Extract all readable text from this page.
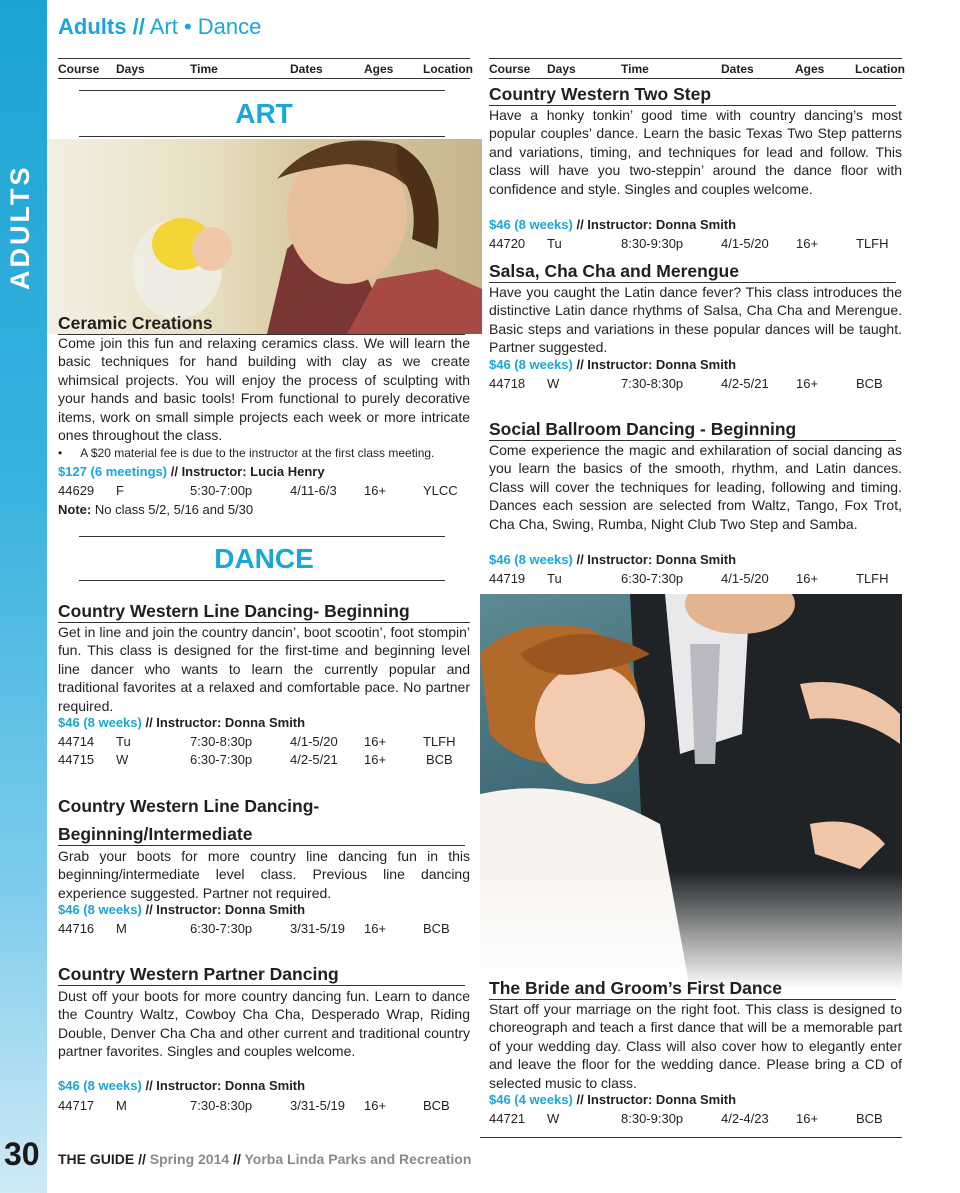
ADULTS
30
Adults // Art • Dance
Course	Days	Time	Dates	Ages	Location Course	Days	Time	Dates	Ages	Location
ART
Ceramic Creations
Come join this fun and relaxing ceramics class. We will learn the basic techniques for hand building with clay as we create whimsical projects. You will enjoy the process of sculpting with your hands and basic tools! From functional to purely decorative items, work on small simple projects each week or more intricate ones throughout the class.
• A $20 material fee is due to the instructor at the first class meeting.
$127 (6 meetings) // Instructor: Lucia Henry
44629	F	5:30-7:00p	4/11-6/3	16+	YLCC
Note: No class 5/2, 5/16 and 5/30
DANCE
Country Western Line Dancing- Beginning
Get in line and join the country dancin’, boot scootin’, foot stompin’ fun. This class is designed for the first-time and beginning level line dancer who wants to learn the currently popular and traditional favorites at a relaxed and comfortable pace. No partner required.
$46 (8 weeks) // Instructor: Donna Smith
44714	Tu	7:30-8:30p	4/1-5/20	16+	TLFH
44715	W	6:30-7:30p	4/2-5/21	16+	BCB
Country Western Line Dancing-
Beginning/Intermediate
Grab your boots for more country line dancing fun in this beginning/intermediate level class. Previous line dancing experience suggested. Partner not required.
$46 (8 weeks) // Instructor: Donna Smith
44716	M	6:30-7:30p	3/31-5/19	16+	BCB
Country Western Partner Dancing
Dust off your boots for more country dancing fun. Learn to dance the Country Waltz, Cowboy Cha Cha, Desperado Wrap, Riding Double, Denver Cha Cha and other current and traditional country partner favorites. Singles and couples welcome.
$46 (8 weeks) // Instructor: Donna Smith
44717	M	7:30-8:30p	3/31-5/19	16+	BCB
Country Western Two Step
Have a honky tonkin’ good time with country dancing’s most popular couples’ dance. Learn the basic Texas Two Step patterns and variations, timing, and techniques for lead and follow. This class will have you two-steppin’ around the dance floor with confidence and style. Singles and couples welcome.
$46 (8 weeks) // Instructor: Donna Smith
44720	Tu	8:30-9:30p	4/1-5/20	16+	TLFH
Salsa, Cha Cha and Merengue
Have you caught the Latin dance fever? This class introduces the distinctive Latin dance rhythms of Salsa, Cha Cha and Merengue. Basic steps and variations in these popular dances will be taught. Partner suggested.
$46 (8 weeks) // Instructor: Donna Smith
44718	W	7:30-8:30p	4/2-5/21	16+	BCB
Social Ballroom Dancing - Beginning
Come experience the magic and exhilaration of social dancing as you learn the basics of the smooth, rhythm, and Latin dances. Class will cover the techniques for leading, following and timing. Dances each session are selected from Waltz, Tango, Fox Trot, Cha Cha, Swing, Rumba, Night Club Two Step and Samba.
$46 (8 weeks) // Instructor: Donna Smith
44719	Tu	6:30-7:30p	4/1-5/20	16+	TLFH
The Bride and Groom’s First Dance
Start off your marriage on the right foot. This class is designed to choreograph and teach a first dance that will be a memorable part of your wedding day. Class will also cover how to elegantly enter and leave the floor for the wedding dance. Please bring a CD of selected music to class.
$46 (4 weeks) // Instructor: Donna Smith
44721	W	8:30-9:30p	4/2-4/23	16+	BCB
THE GUIDE // Spring 2014 // Yorba Linda Parks and Recreation
